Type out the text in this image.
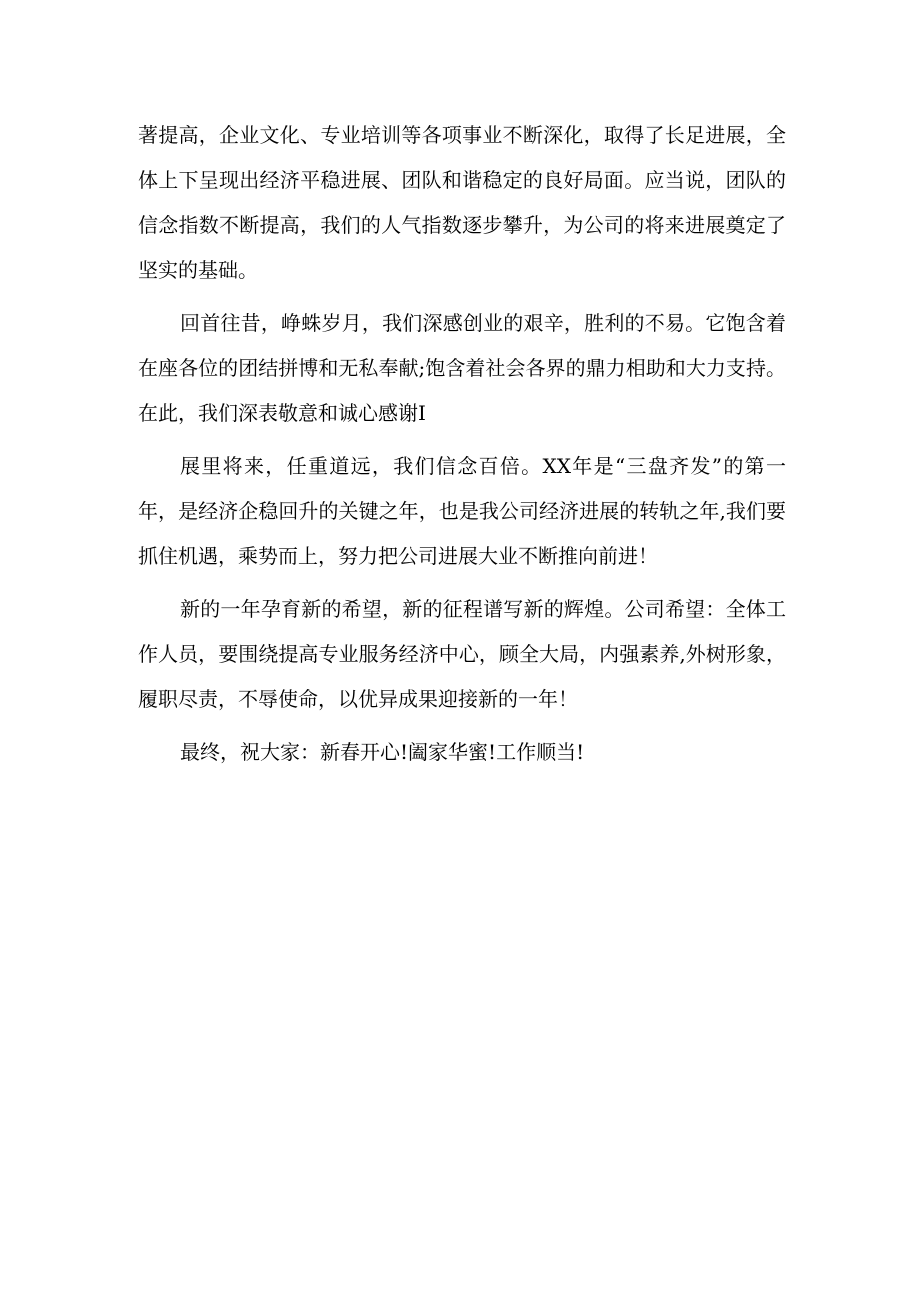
著提高，企业文化、专业培训等各项事业不断深化，取得了长足进展，全
体上下呈现出经济平稳进展、团队和谐稳定的良好局面。应当说，团队的
信念指数不断提高，我们的人气指数逐步攀升，为公司的将来进展奠定了
坚实的基础。

回首往昔，峥蛛岁月，我们深感创业的艰辛，胜利的不易。它饱含着
在座各位的团结拼博和无私奉献;饱含着社会各界的鼎力相助和大力支持。
在此，我们深表敬意和诚心感谢I

展里将来，任重道远，我们信念百倍。XX年是“三盘齐发”的第一
年，是经济企稳回升的关键之年，也是我公司经济进展的转轨之年,我们要
抓住机遇，乘势而上，努力把公司进展大业不断推向前进！

新的一年孕育新的希望，新的征程谱写新的辉煌。公司希望：全体工
作人员，要围绕提高专业服务经济中心，顾全大局，内强素养,外树形象，
履职尽责，不辱使命，以优异成果迎接新的一年！

最终，祝大家：新春开心!阖家华蜜!工作顺当!
